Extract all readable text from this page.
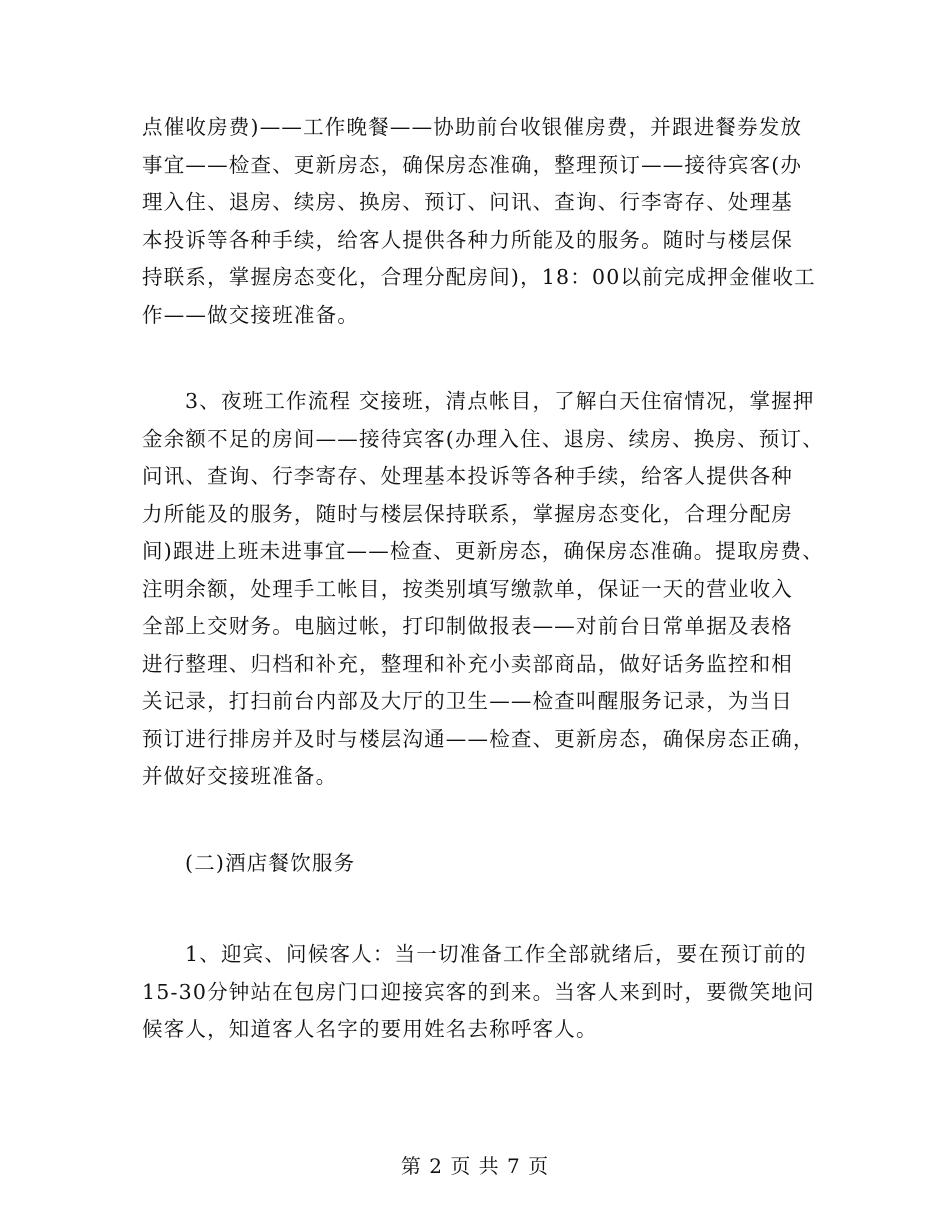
点催收房费)——工作晚餐——协助前台收银催房费，并跟进餐券发放
事宜——检查、更新房态，确保房态准确，整理预订——接待宾客(办
理入住、退房、续房、换房、预订、问讯、查询、行李寄存、处理基
本投诉等各种手续，给客人提供各种力所能及的服务。随时与楼层保
持联系，掌握房态变化，合理分配房间)，18：00以前完成押金催收工
作——做交接班准备。
3、夜班工作流程 交接班，清点帐目，了解白天住宿情况，掌握押
金余额不足的房间——接待宾客(办理入住、退房、续房、换房、预订、
问讯、查询、行李寄存、处理基本投诉等各种手续，给客人提供各种
力所能及的服务，随时与楼层保持联系，掌握房态变化，合理分配房
间)跟进上班未进事宜——检查、更新房态，确保房态准确。提取房费、
注明余额，处理手工帐目，按类别填写缴款单，保证一天的营业收入
全部上交财务。电脑过帐，打印制做报表——对前台日常单据及表格
进行整理、归档和补充，整理和补充小卖部商品，做好话务监控和相
关记录，打扫前台内部及大厅的卫生——检查叫醒服务记录，为当日
预订进行排房并及时与楼层沟通——检查、更新房态，确保房态正确，
并做好交接班准备。
(二)酒店餐饮服务
1、迎宾、问候客人：当一切准备工作全部就绪后，要在预订前的
15-30分钟站在包房门口迎接宾客的到来。当客人来到时，要微笑地问
候客人，知道客人名字的要用姓名去称呼客人。
第 2 页 共 7 页
